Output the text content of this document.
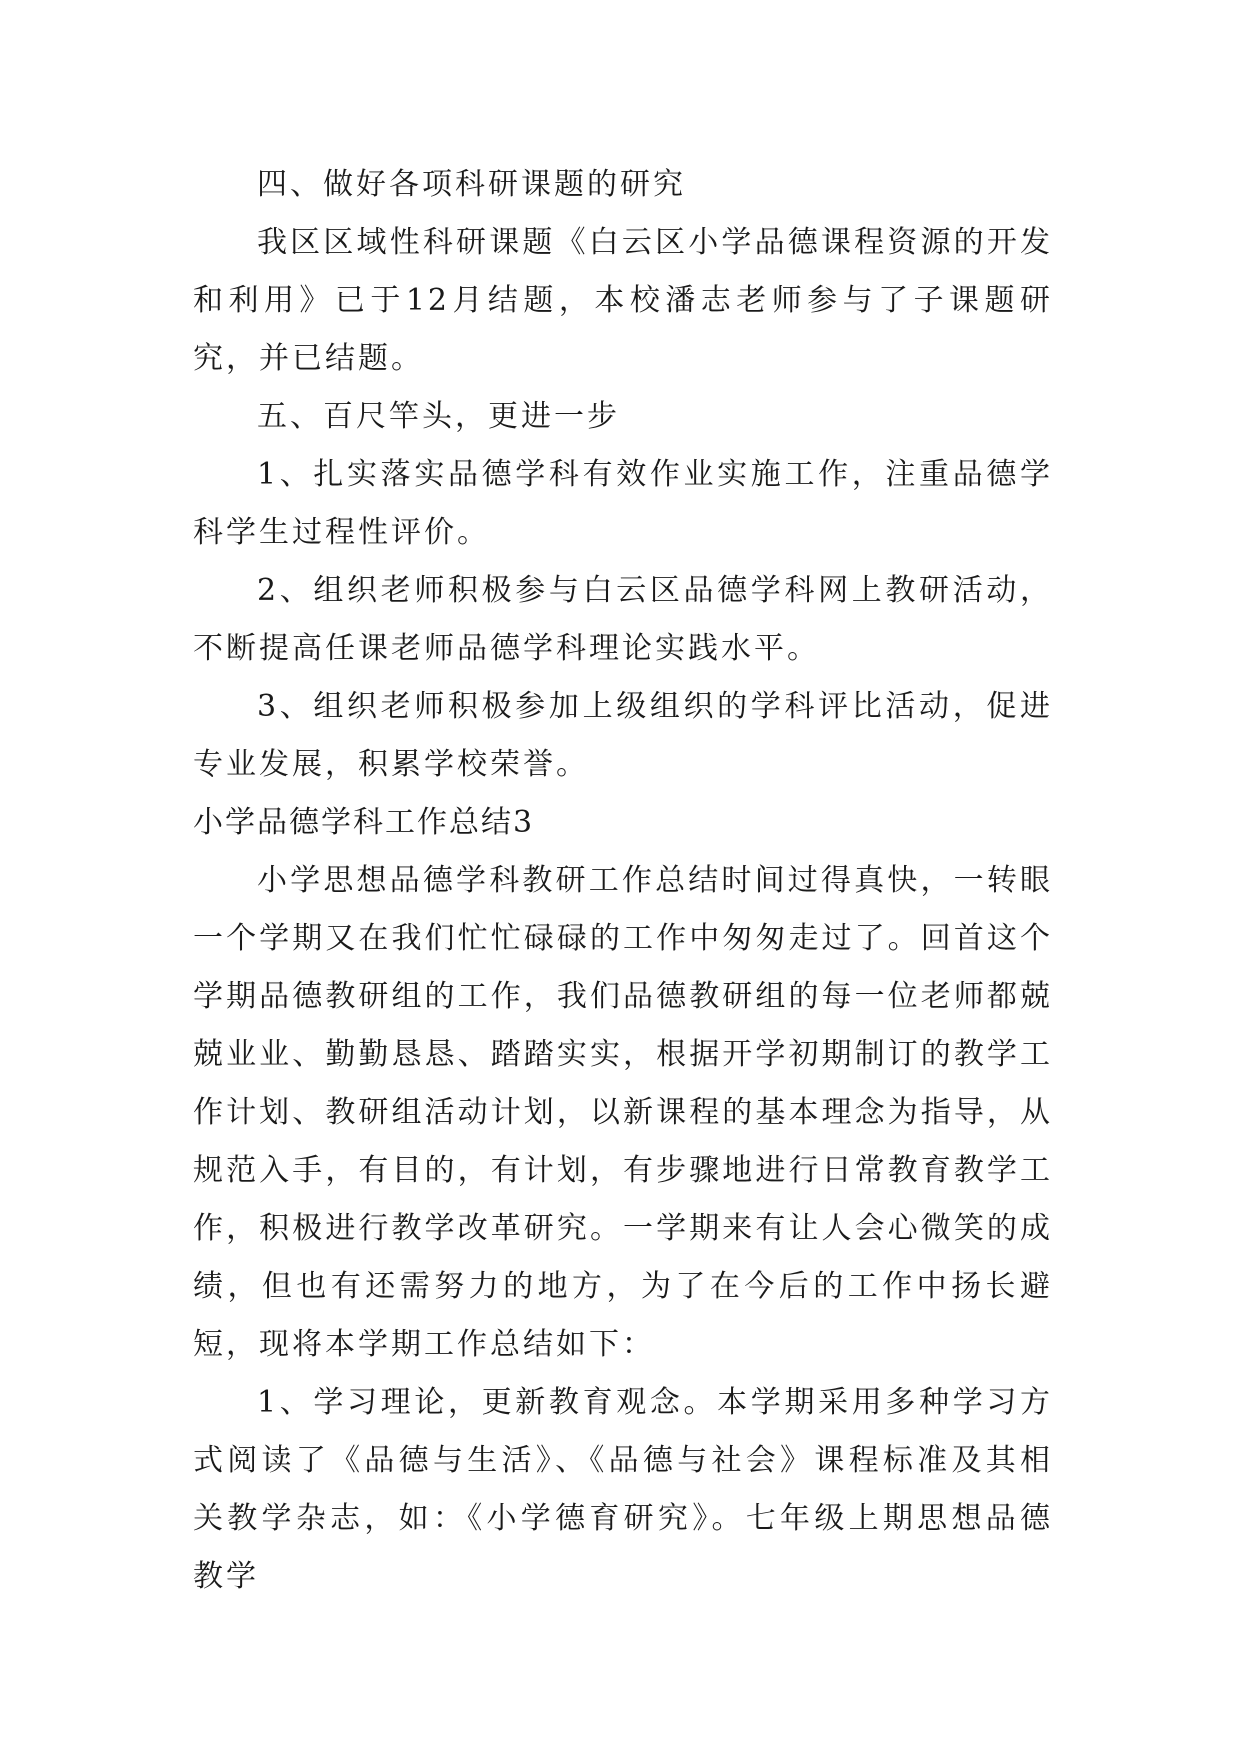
四、做好各项科研课题的研究

我区区域性科研课题《白云区小学品德课程资源的开发和利用》已于12月结题，本校潘志老师参与了子课题研究，并已结题。

五、百尺竿头，更进一步

1、扎实落实品德学科有效作业实施工作，注重品德学科学生过程性评价。

2、组织老师积极参与白云区品德学科网上教研活动，不断提高任课老师品德学科理论实践水平。

3、组织老师积极参加上级组织的学科评比活动，促进专业发展，积累学校荣誉。

小学品德学科工作总结3

小学思想品德学科教研工作总结时间过得真快，一转眼一个学期又在我们忙忙碌碌的工作中匆匆走过了。回首这个学期品德教研组的工作，我们品德教研组的每一位老师都兢兢业业、勤勤恳恳、踏踏实实，根据开学初期制订的教学工作计划、教研组活动计划，以新课程的基本理念为指导，从规范入手，有目的，有计划，有步骤地进行日常教育教学工作，积极进行教学改革研究。一学期来有让人会心微笑的成绩，但也有还需努力的地方，为了在今后的工作中扬长避短，现将本学期工作总结如下：

1、学习理论，更新教育观念。本学期采用多种学习方式阅读了《品德与生活》、《品德与社会》课程标准及其相关教学杂志，如：《小学德育研究》。七年级上期思想品德教学
